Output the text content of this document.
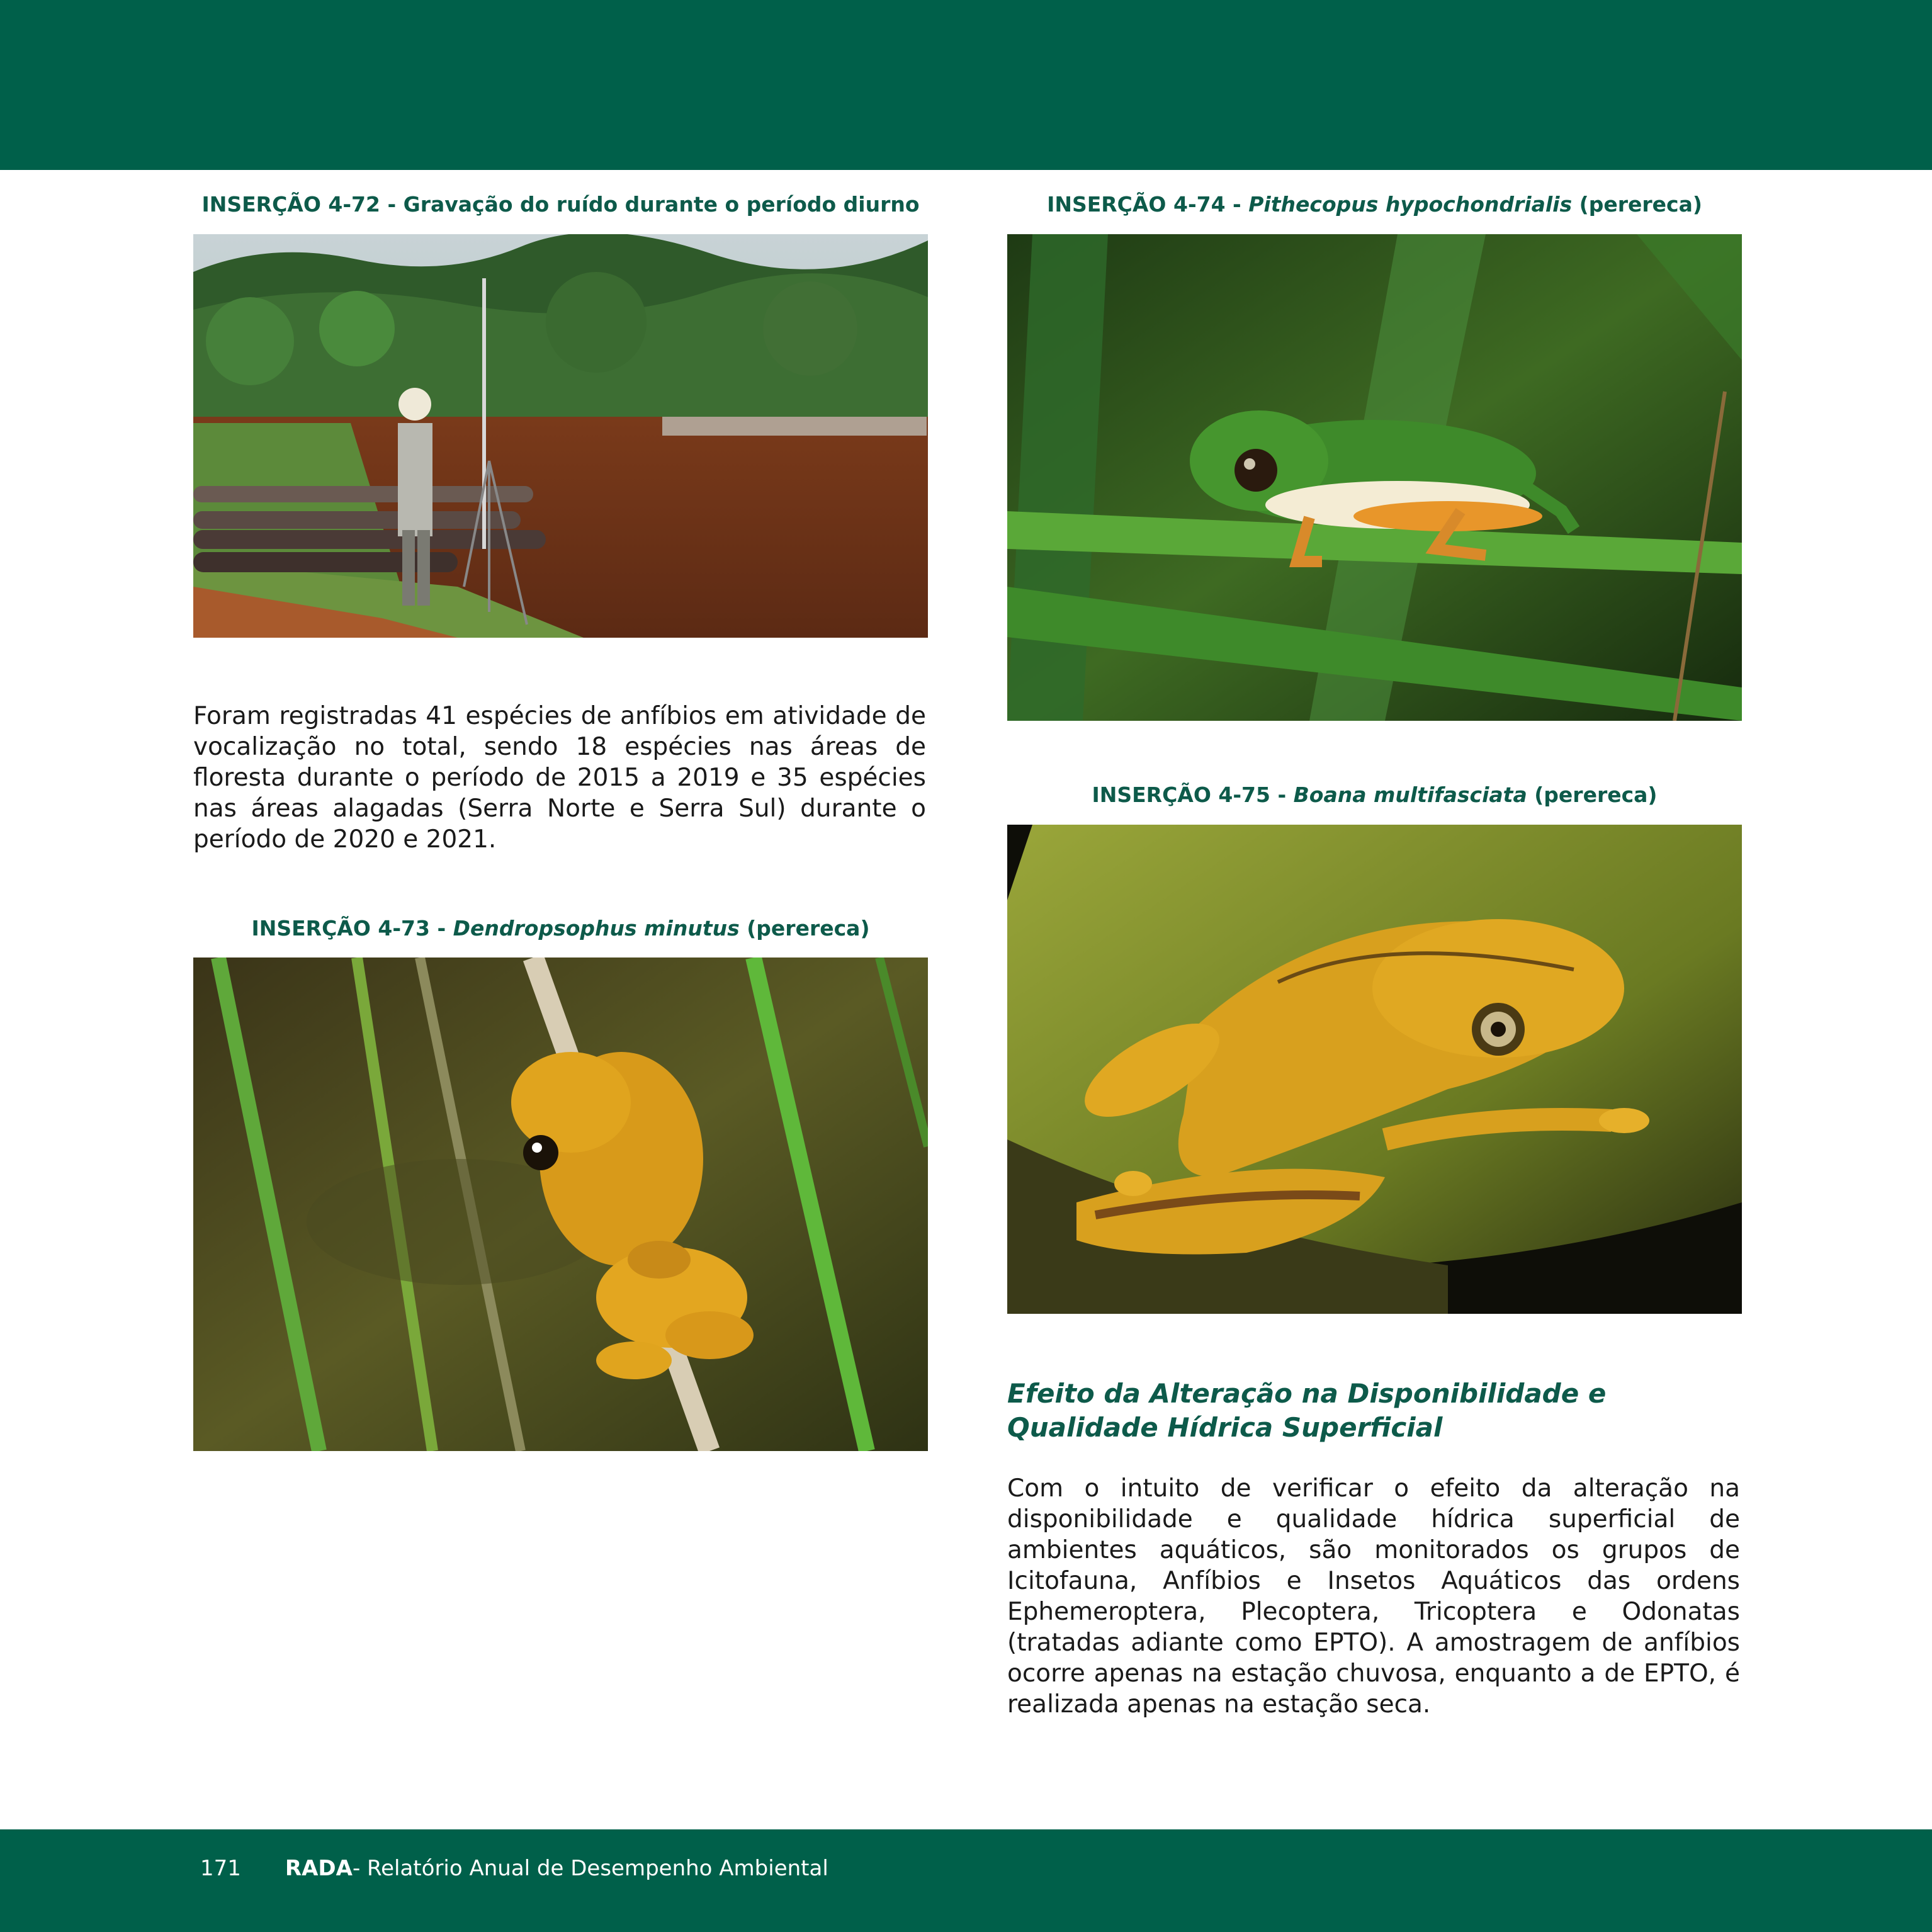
INSERÇÃO 4-72 - Gravação do ruído durante o período diurno
Foram registradas 41 espécies de anfíbios em atividade de vocalização no total, sendo 18 espécies nas áreas de floresta durante o período de 2015 a 2019 e 35 espécies nas áreas alagadas (Serra Norte e Serra Sul) durante o período de 2020 e 2021.
INSERÇÃO 4-73 - Dendropsophus minutus (perereca)
INSERÇÃO 4-74 - Pithecopus hypochondrialis (perereca)
INSERÇÃO 4-75 - Boana multifasciata (perereca)
Efeito da Alteração na Disponibilidade e Qualidade Hídrica Superficial
Com o intuito de verificar o efeito da alteração na disponibilidade e qualidade hídrica superficial de ambientes aquáticos, são monitorados os grupos de Icitofauna, Anfíbios e Insetos Aquáticos das ordens Ephemeroptera, Plecoptera, Tricoptera e Odonatas (tratadas adiante como EPTO). A amostragem de anfíbios ocorre apenas na estação chuvosa, enquanto a de EPTO, é realizada apenas na estação seca.
171 RADA - Relatório Anual de Desempenho Ambiental
